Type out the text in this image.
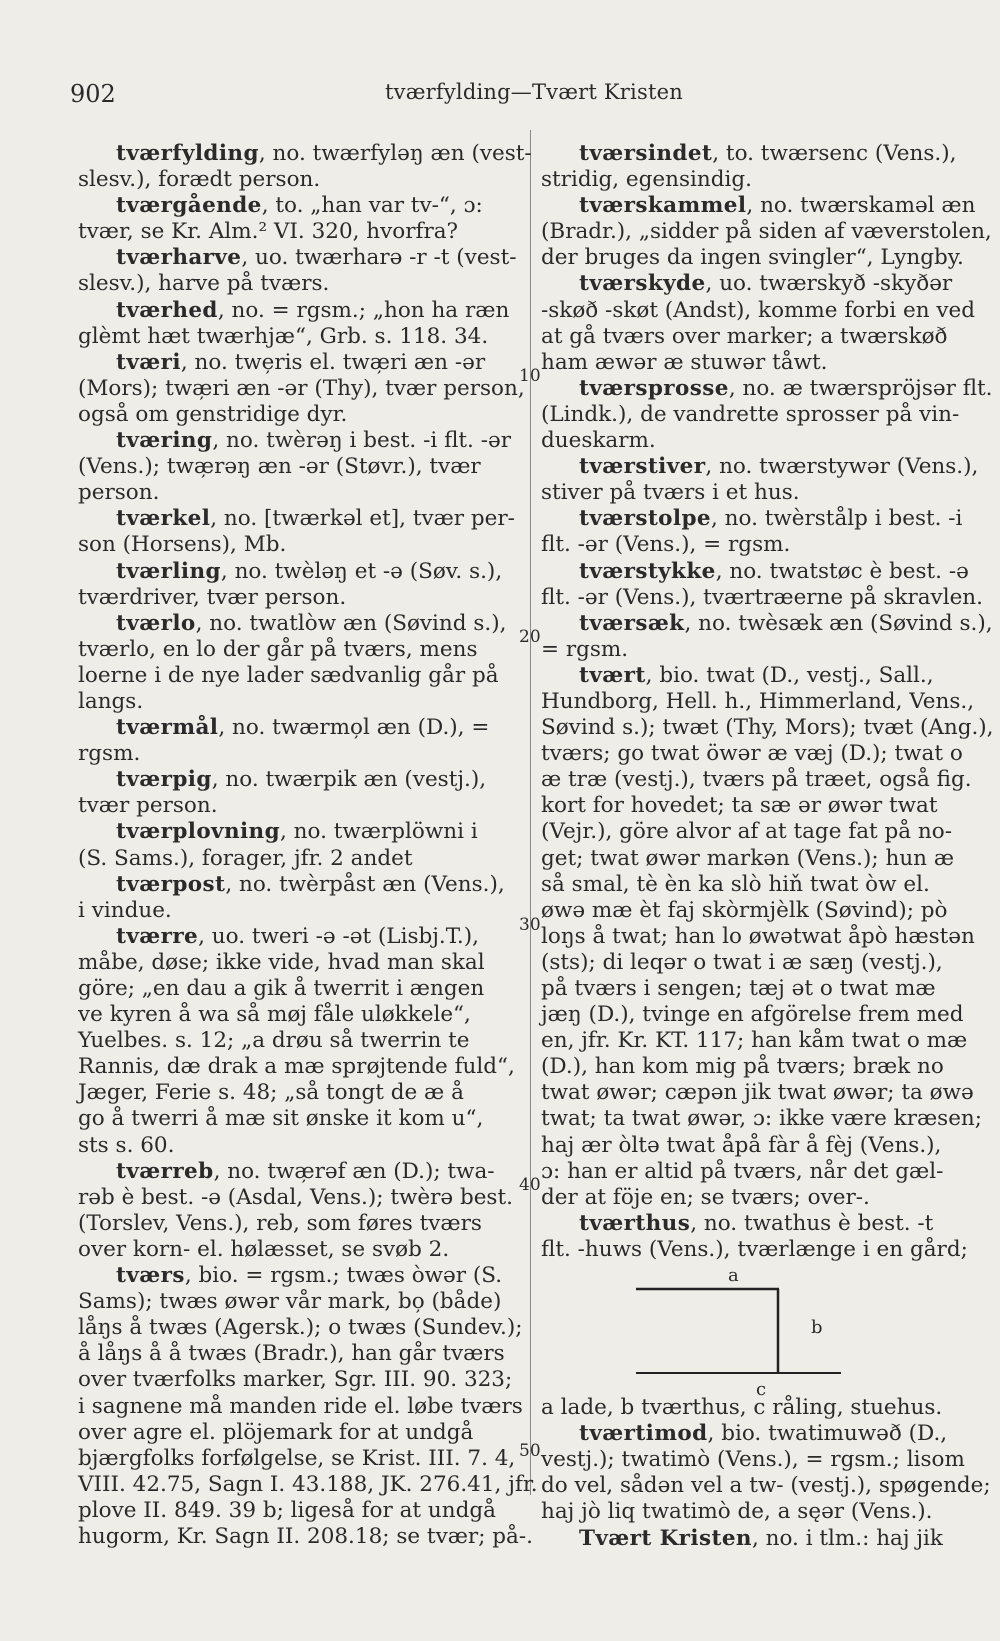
902	tværfylding—Tvært Kristen
tværfylding, no. twærfyləŋ æn (vest-
slesv.), forædt person.
tværgående, to. „han var tv-“, ɔ:
tvær, se Kr. Alm.² VI. 320, hvorfra?
tværharve, uo. twærharə -r -t (vest-
slesv.), harve på tværs.
tværhed, no. = rgsm.; „hon ha ræn
glèmt hæt twærhjæ“, Grb. s. 118. 34.
tværi, no. twe̦ris el. twæ̦ri æn -ər
(Mors); twæ̦ri æn -ər (Thy), tvær person,
også om genstridige dyr.
tværing, no. twèrəŋ i best. -i flt. -ər
(Vens.); twæ̦rəŋ æn -ər (Støvr.), tvær
person.
tværkel, no. [twærkəl et], tvær per-
son (Horsens), Mb.
tværling, no. twèləŋ et -ə (Søv. s.),
tværdriver, tvær person.
tværlo, no. twatlòw æn (Søvind s.),
tværlo, en lo der går på tværs, mens
loerne i de nye lader sædvanlig går på
langs.
tværmål, no. twærmo̦l æn (D.), =
rgsm.
tværpig, no. twærpik æn (vestj.),
tvær person.
tværplovning, no. twærplöwni i
(S. Sams.), forager, jfr. 2 andet
tværpost, no. twèrpåst æn (Vens.),
i vindue.
tværre, uo. tweri -ə -ət (Lisbj.T.),
måbe, døse; ikke vide, hvad man skal
göre; „en dau a gik å twerrit i ængen
ve kyren å wa så møj fåle uløkkele“,
Yuelbes. s. 12; „a drøu så twerrin te
Rannis, dæ drak a mæ sprøjtende fuld“,
Jæger, Ferie s. 48; „så tongt de æ å
go å twerri å mæ sit ønske it kom u“,
sts s. 60.
tværreb, no. twæ̦rəf æn (D.); twa-
rəb è best. -ə (Asdal, Vens.); twèrə best.
(Torslev, Vens.), reb, som føres tværs
over korn- el. hølæsset, se svøb 2.
tværs, bio. = rgsm.; twæs òwər (S.
Sams); twæs øwər vår mark, bo̦ (både)
låŋs å twæs (Agersk.); o twæs (Sundev.);
å låŋs å å twæs (Bradr.), han går tværs
over tværfolks marker, Sgr. III. 90. 323;
i sagnene må manden ride el. løbe tværs
over agre el. plöjemark for at undgå
bjærgfolks forfølgelse, se Krist. III. 7. 4,
VIII. 42.75, Sagn I. 43.188, JK. 276.41, jfr.
plove II. 849. 39 b; ligeså for at undgå
hugorm, Kr. Sagn II. 208.18; se tvær; på-.
tværsindet, to. twærsenc (Vens.),
stridig, egensindig.
tværskammel, no. twærskaməl æn
(Bradr.), „sidder på siden af væverstolen,
der bruges da ingen svingler“, Lyngby.
tværskyde, uo. twærskyð -skyðər
-skøð -skøt (Andst), komme forbi en ved
at gå tværs over marker; a twærskøð
ham æwər æ stuwər tåwt.
tværsprosse, no. æ twærspröjsər flt.
(Lindk.), de vandrette sprosser på vin-
dueskarm.
tværstiver, no. twærstywər (Vens.),
stiver på tværs i et hus.
tværstolpe, no. twèrstålp i best. -i
flt. -ər (Vens.), = rgsm.
tværstykke, no. twatstøc è best. -ə
flt. -ər (Vens.), tværtræerne på skravlen.
tværsæk, no. twèsæk æn (Søvind s.),
= rgsm.
tvært, bio. twat (D., vestj., Sall.,
Hundborg, Hell. h., Himmerland, Vens.,
Søvind s.); twæt (Thy, Mors); tvæt (Ang.),
tværs; go twat öwər æ væj (D.); twat o
æ træ (vestj.), tværs på træet, også fig.
kort for hovedet; ta sæ ər øwər twat
(Vejr.), göre alvor af at tage fat på no-
get; twat øwər markən (Vens.); hun æ
så smal, tè èn ka slò hiň twat òw el.
øwə mæ èt faj skòrmjèlk (Søvind); pò
loŋs å twat; han lo øwətwat åpò hæstən
(sts); di leqər o twat i æ sæŋ (vestj.),
på tværs i sengen; tæj ət o twat mæ
jæŋ (D.), tvinge en afgörelse frem med
en, jfr. Kr. KT. 117; han kåm twat o mæ
(D.), han kom mig på tværs; bræk no
twat øwər; cæpən jik twat øwər; ta øwə
twat; ta twat øwər, ɔ: ikke være kræsen;
haj ær òltə twat åpå fàr å fèj (Vens.),
ɔ: han er altid på tværs, når det gæl-
der at föje en; se tværs; over-.
tværthus, no. twathus è best. -t
flt. -huws (Vens.), tværlænge i en gård;
a
b
c
a lade, b tværthus, c råling, stuehus.
tværtimod, bio. twatimuwəð (D.,
vestj.); twatimò (Vens.), = rgsm.; lisom
do vel, sådən vel a tw- (vestj.), spøgende;
haj jò liq twatimò de, a sęər (Vens.).
Tvært Kristen, no. i tlm.: haj jik
10
20
30
40
50
